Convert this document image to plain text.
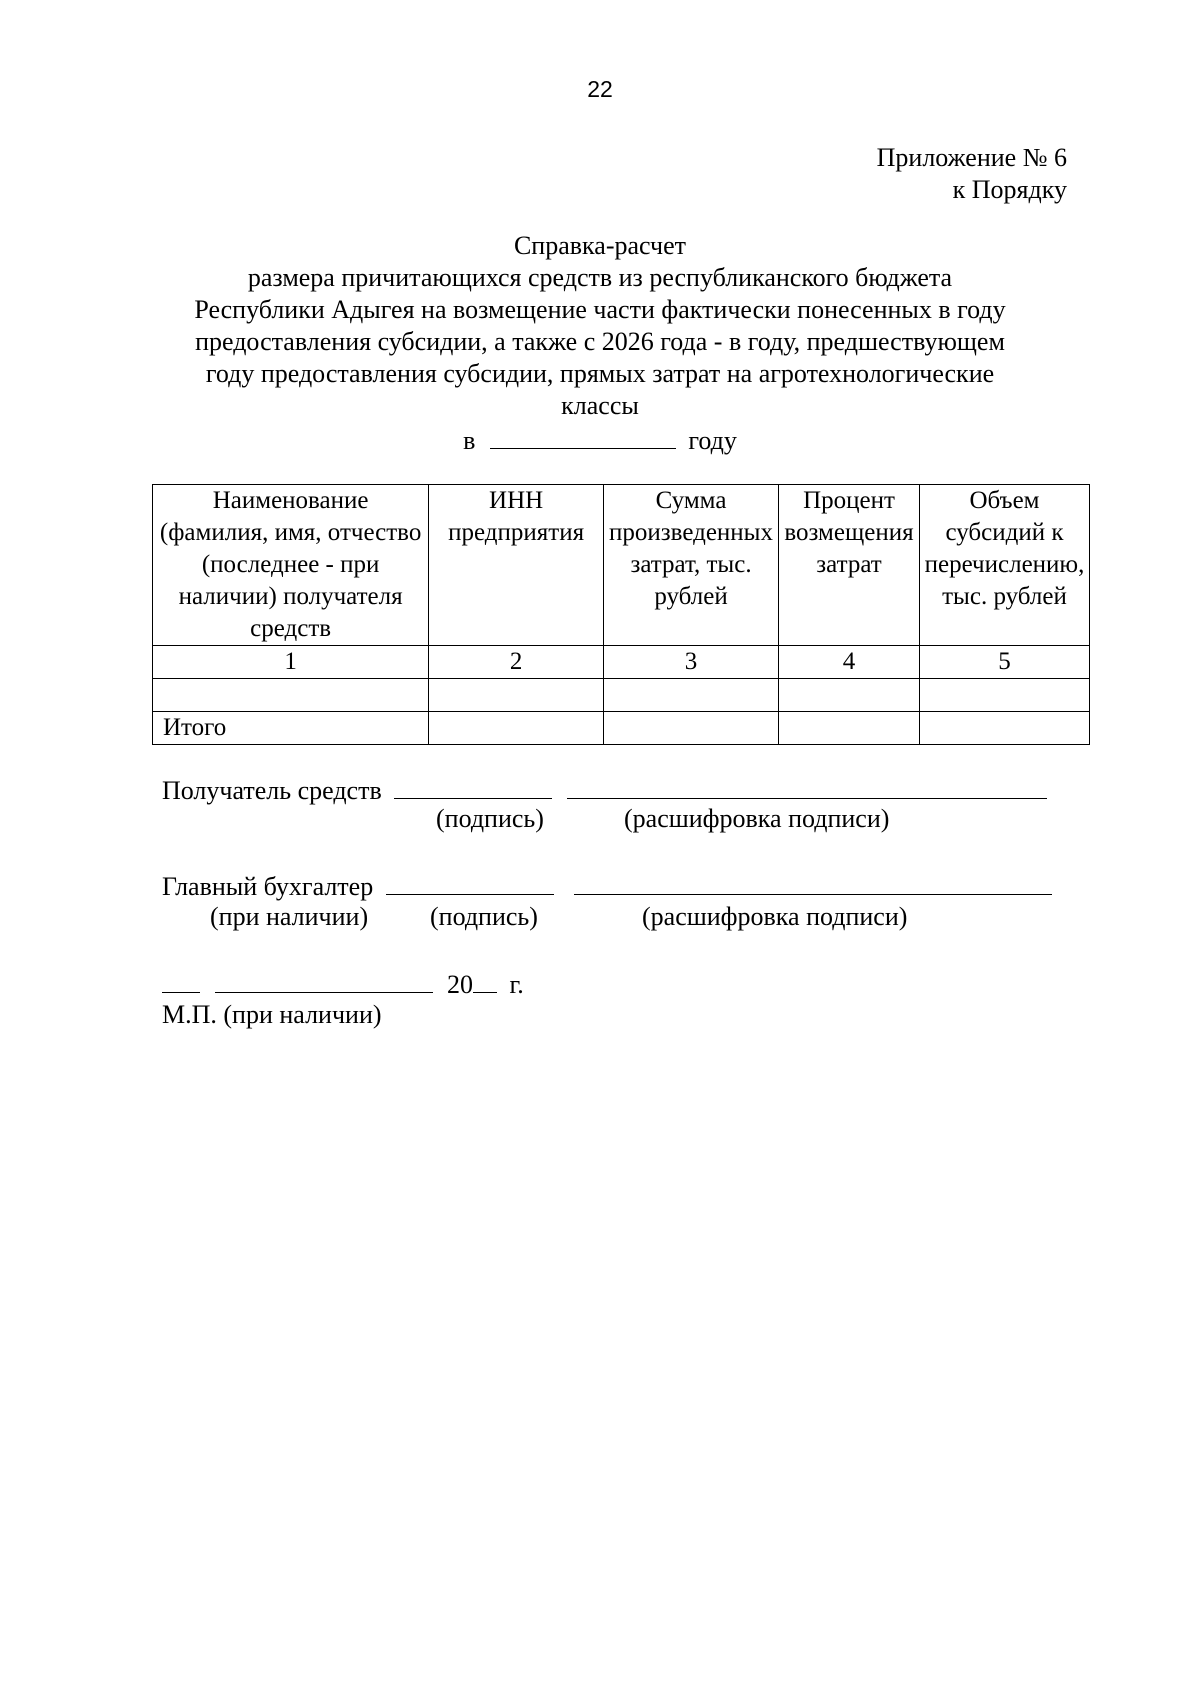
22
Приложение № 6
к Порядку
Справка-расчет
размера причитающихся средств из республиканского бюджета
Республики Адыгея на возмещение части фактически понесенных в году
предоставления субсидии, а также с 2026 года - в году, предшествующем
году предоставления субсидии, прямых затрат на агротехнологические
классы
в	году
Наименование (фамилия, имя, отчество (последнее - при наличии) получателя средств	ИНН предприятия	Сумма произведенных затрат, тыс. рублей	Процент возмещения затрат	Объем субсидий к перечислению, тыс. рублей
1	2	3	4	5

Итого				
Получатель средств
(подпись)	(расшифровка подписи)
Главный бухгалтер
(при наличии) (подпись)	(расшифровка подписи)
20 г.
М.П. (при наличии)
